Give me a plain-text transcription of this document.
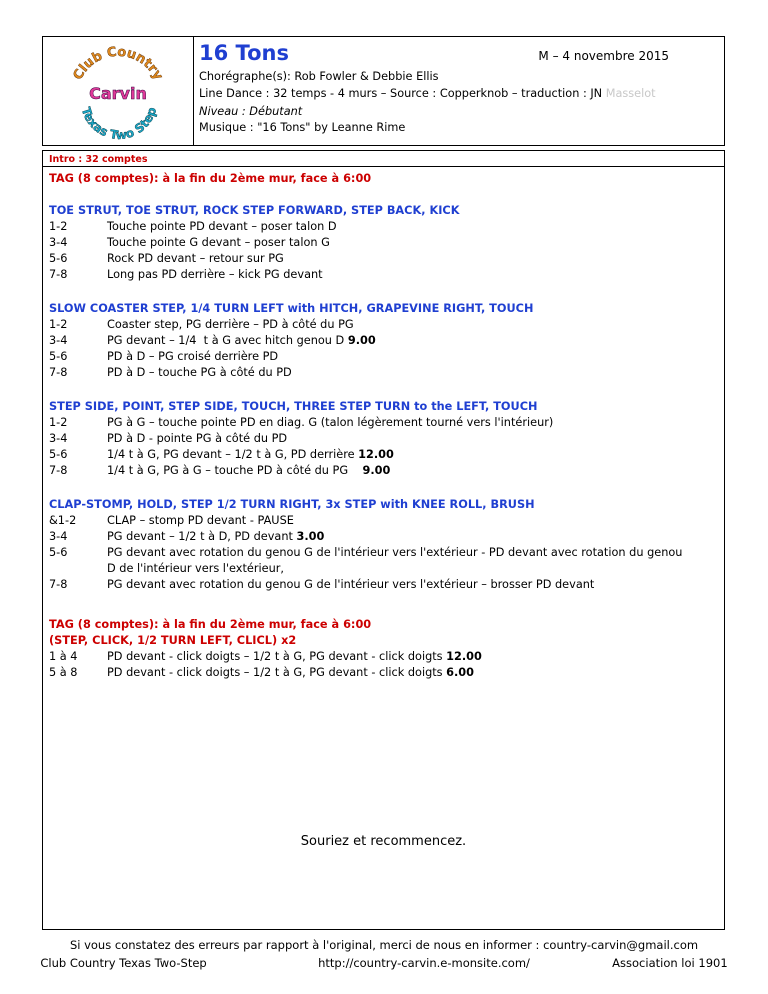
Club Country
Carvin
Texas Two Step
16 Tons	M – 4 novembre 2015
Chorégraphe(s): Rob Fowler & Debbie Ellis
Line Dance : 32 temps - 4 murs – Source : Copperknob – traduction : JN Masselot
Niveau : Débutant
Musique : "16 Tons" by Leanne Rime
Intro : 32 comptes
TAG (8 comptes): à la fin du 2ème mur, face à 6:00
TOE STRUT, TOE STRUT, ROCK STEP FORWARD, STEP BACK, KICK
1-2	Touche pointe PD devant – poser talon D
3-4	Touche pointe G devant – poser talon G
5-6	Rock PD devant – retour sur PG
7-8	Long pas PD derrière – kick PG devant
SLOW COASTER STEP, 1/4 TURN LEFT with HITCH, GRAPEVINE RIGHT, TOUCH
1-2	Coaster step, PG derrière – PD à côté du PG
3-4	PG devant – 1/4  t à G avec hitch genou D 9.00
5-6	PD à D – PG croisé derrière PD
7-8	PD à D – touche PG à côté du PD
STEP SIDE, POINT, STEP SIDE, TOUCH, THREE STEP TURN to the LEFT, TOUCH
1-2	PG à G – touche pointe PD en diag. G (talon légèrement tourné vers l'intérieur)
3-4	PD à D - pointe PG à côté du PD
5-6	1/4 t à G, PG devant – 1/2 t à G, PD derrière 12.00
7-8	1/4 t à G, PG à G – touche PD à côté du PG    9.00
CLAP-STOMP, HOLD, STEP 1/2 TURN RIGHT, 3x STEP with KNEE ROLL, BRUSH
&1-2	CLAP – stomp PD devant - PAUSE
3-4	PG devant – 1/2 t à D, PD devant 3.00
5-6	PG devant avec rotation du genou G de l'intérieur vers l'extérieur - PD devant avec rotation du genou
D de l'intérieur vers l'extérieur,
7-8	PG devant avec rotation du genou G de l'intérieur vers l'extérieur – brosser PD devant
TAG (8 comptes): à la fin du 2ème mur, face à 6:00
(STEP, CLICK, 1/2 TURN LEFT, CLICL) x2
1 à 4	PD devant - click doigts – 1/2 t à G, PG devant - click doigts 12.00
5 à 8	PD devant - click doigts – 1/2 t à G, PG devant - click doigts 6.00
Souriez et recommencez.
Si vous constatez des erreurs par rapport à l'original, merci de nous en informer : country-carvin@gmail.com
Club Country Texas Two-Step	http://country-carvin.e-monsite.com/	Association loi 1901
